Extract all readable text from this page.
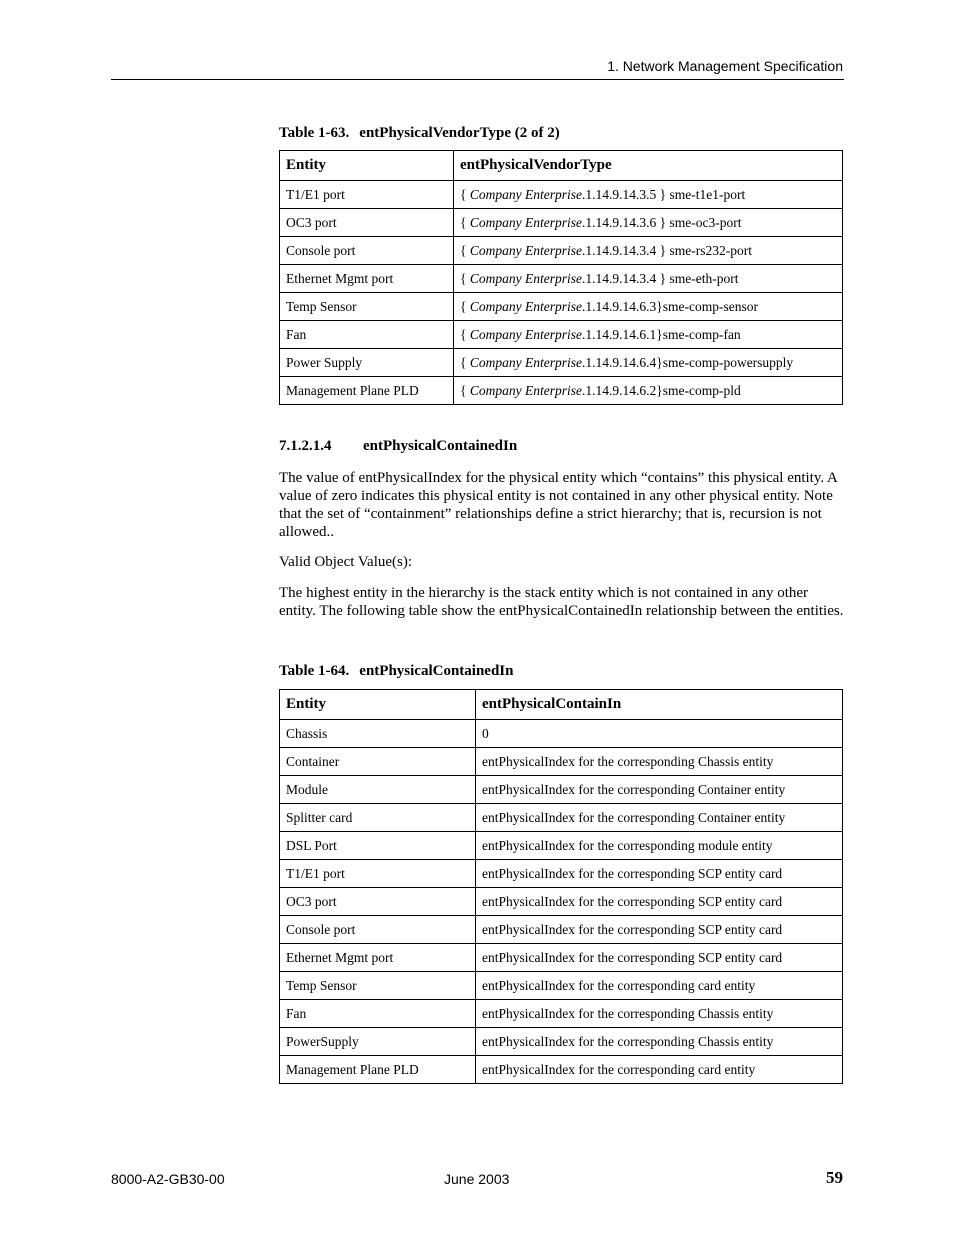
1. Network Management Specification
Table 1-63. entPhysicalVendorType (2 of 2)
Entity	entPhysicalVendorType
T1/E1 port	{ Company Enterprise.1.14.9.14.3.5 } sme-t1e1-port
OC3 port	{ Company Enterprise.1.14.9.14.3.6 } sme-oc3-port
Console port	{ Company Enterprise.1.14.9.14.3.4 } sme-rs232-port
Ethernet Mgmt port	{ Company Enterprise.1.14.9.14.3.4 } sme-eth-port
Temp Sensor	{ Company Enterprise.1.14.9.14.6.3}sme-comp-sensor
Fan	{ Company Enterprise.1.14.9.14.6.1}sme-comp-fan
Power Supply	{ Company Enterprise.1.14.9.14.6.4}sme-comp-powersupply
Management Plane PLD	{ Company Enterprise.1.14.9.14.6.2}sme-comp-pld
7.1.2.1.4 entPhysicalContainedIn

The value of entPhysicalIndex for the physical entity which “contains” this physical entity. A value of zero indicates this physical entity is not contained in any other physical entity. Note that the set of “containment” relationships define a strict hierarchy; that is, recursion is not allowed..

Valid Object Value(s):

The highest entity in the hierarchy is the stack entity which is not contained in any other entity. The following table show the entPhysicalContainedIn relationship between the entities.

Table 1-64. entPhysicalContainedIn
Entity	entPhysicalContainIn
Chassis	0
Container	entPhysicalIndex for the corresponding Chassis entity
Module	entPhysicalIndex for the corresponding Container entity
Splitter card	entPhysicalIndex for the corresponding Container entity
DSL Port	entPhysicalIndex for the corresponding module entity
T1/E1 port	entPhysicalIndex for the corresponding SCP entity card
OC3 port	entPhysicalIndex for the corresponding SCP entity card
Console port	entPhysicalIndex for the corresponding SCP entity card
Ethernet Mgmt port	entPhysicalIndex for the corresponding SCP entity card
Temp Sensor	entPhysicalIndex for the corresponding card entity
Fan	entPhysicalIndex for the corresponding Chassis entity
PowerSupply	entPhysicalIndex for the corresponding Chassis entity
Management Plane PLD	entPhysicalIndex for the corresponding card entity
8000-A2-GB30-00	June 2003	59
